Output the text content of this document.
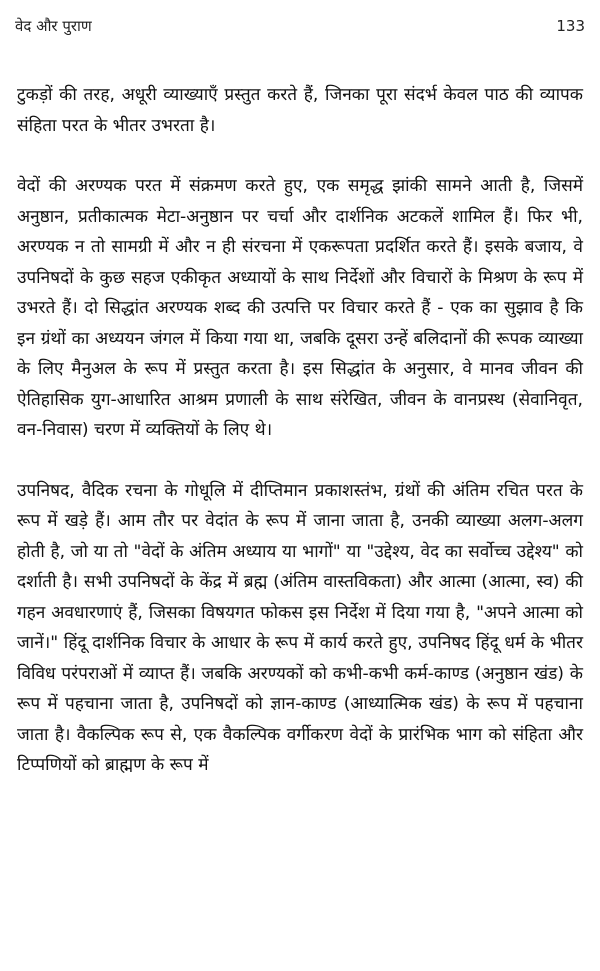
वेद और पुराण	133

टुकड़ों की तरह, अधूरी व्याख्याएँ प्रस्तुत करते हैं, जिनका पूरा संदर्भ केवल पाठ की व्यापक संहिता परत के भीतर उभरता है।

वेदों की अरण्यक परत में संक्रमण करते हुए, एक समृद्ध झांकी सामने आती है, जिसमें अनुष्ठान, प्रतीकात्मक मेटा-अनुष्ठान पर चर्चा और दार्शनिक अटकलें शामिल हैं। फिर भी, अरण्यक न तो सामग्री में और न ही संरचना में एकरूपता प्रदर्शित करते हैं। इसके बजाय, वे उपनिषदों के कुछ सहज एकीकृत अध्यायों के साथ निर्देशों और विचारों के मिश्रण के रूप में उभरते हैं। दो सिद्धांत अरण्यक शब्द की उत्पत्ति पर विचार करते हैं - एक का सुझाव है कि इन ग्रंथों का अध्ययन जंगल में किया गया था, जबकि दूसरा उन्हें बलिदानों की रूपक व्याख्या के लिए मैनुअल के रूप में प्रस्तुत करता है। इस सिद्धांत के अनुसार, वे मानव जीवन की ऐतिहासिक युग-आधारित आश्रम प्रणाली के साथ संरेखित, जीवन के वानप्रस्थ (सेवानिवृत, वन-निवास) चरण में व्यक्तियों के लिए थे।

उपनिषद, वैदिक रचना के गोधूलि में दीप्तिमान प्रकाशस्तंभ, ग्रंथों की अंतिम रचित परत के रूप में खड़े हैं। आम तौर पर वेदांत के रूप में जाना जाता है, उनकी व्याख्या अलग-अलग होती है, जो या तो "वेदों के अंतिम अध्याय या भागों" या "उद्देश्य, वेद का सर्वोच्च उद्देश्य" को दर्शाती है। सभी उपनिषदों के केंद्र में ब्रह्म (अंतिम वास्तविकता) और आत्मा (आत्मा, स्व) की गहन अवधारणाएं हैं, जिसका विषयगत फोकस इस निर्देश में दिया गया है, "अपने आत्मा को जानें।" हिंदू दार्शनिक विचार के आधार के रूप में कार्य करते हुए, उपनिषद हिंदू धर्म के भीतर विविध परंपराओं में व्याप्त हैं। जबकि अरण्यकों को कभी-कभी कर्म-काण्ड (अनुष्ठान खंड) के रूप में पहचाना जाता है, उपनिषदों को ज्ञान-काण्ड (आध्यात्मिक खंड) के रूप में पहचाना जाता है। वैकल्पिक रूप से, एक वैकल्पिक वर्गीकरण वेदों के प्रारंभिक भाग को संहिता और टिप्पणियों को ब्राह्मण के रूप में
